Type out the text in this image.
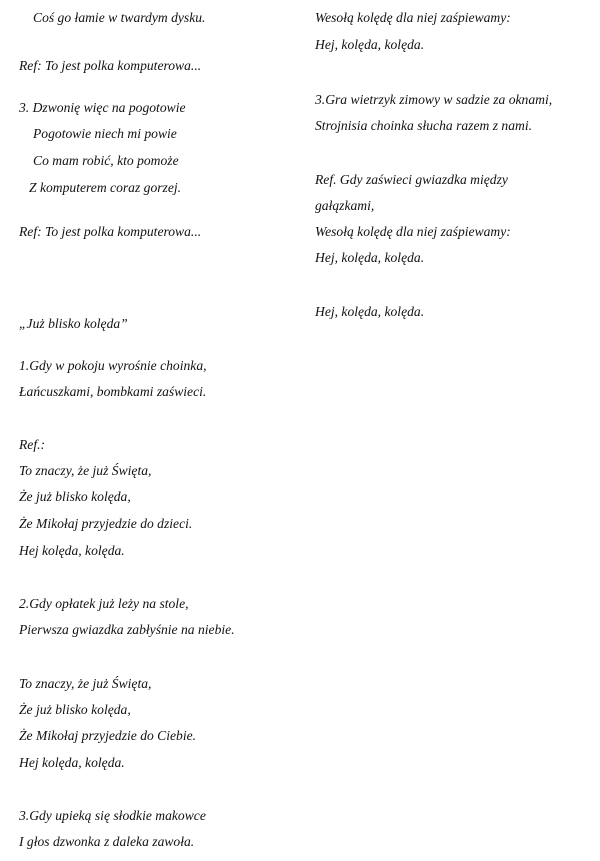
Coś go łamie w twardym dysku.
Ref: To jest polka komputerowa...
3. Dzwonię więc na pogotowie
Pogotowie niech mi powie
Co mam robić, kto pomoże
Z komputerem coraz gorzej.
Ref: To jest polka komputerowa...
„Już blisko kolęda”
1.Gdy w pokoju wyrośnie choinka,
Łańcuszkami, bombkami zaświeci.
Ref.:
To znaczy, że już Święta,
Że już blisko kolęda,
Że Mikołaj przyjedzie do dzieci.
Hej kolęda, kolęda.
2.Gdy opłatek już leży na stole,
Pierwsza gwiazdka zabłyśnie na niebie.
To znaczy, że już Święta,
Że już blisko kolęda,
Że Mikołaj przyjedzie do Ciebie.
Hej kolęda, kolęda.
3.Gdy upieką się słodkie makowce
I głos dzwonka z daleka zawoła.
Wesołą kolędę dla niej zaśpiewamy:
Hej, kolęda, kolęda.
3.Gra wietrzyk zimowy w sadzie za oknami,
Strojnisia choinka słucha razem z nami.
Ref. Gdy zaświeci gwiazdka między
gałązkami,
Wesołą kolędę dla niej zaśpiewamy:
Hej, kolęda, kolęda.
Hej, kolęda, kolęda.
